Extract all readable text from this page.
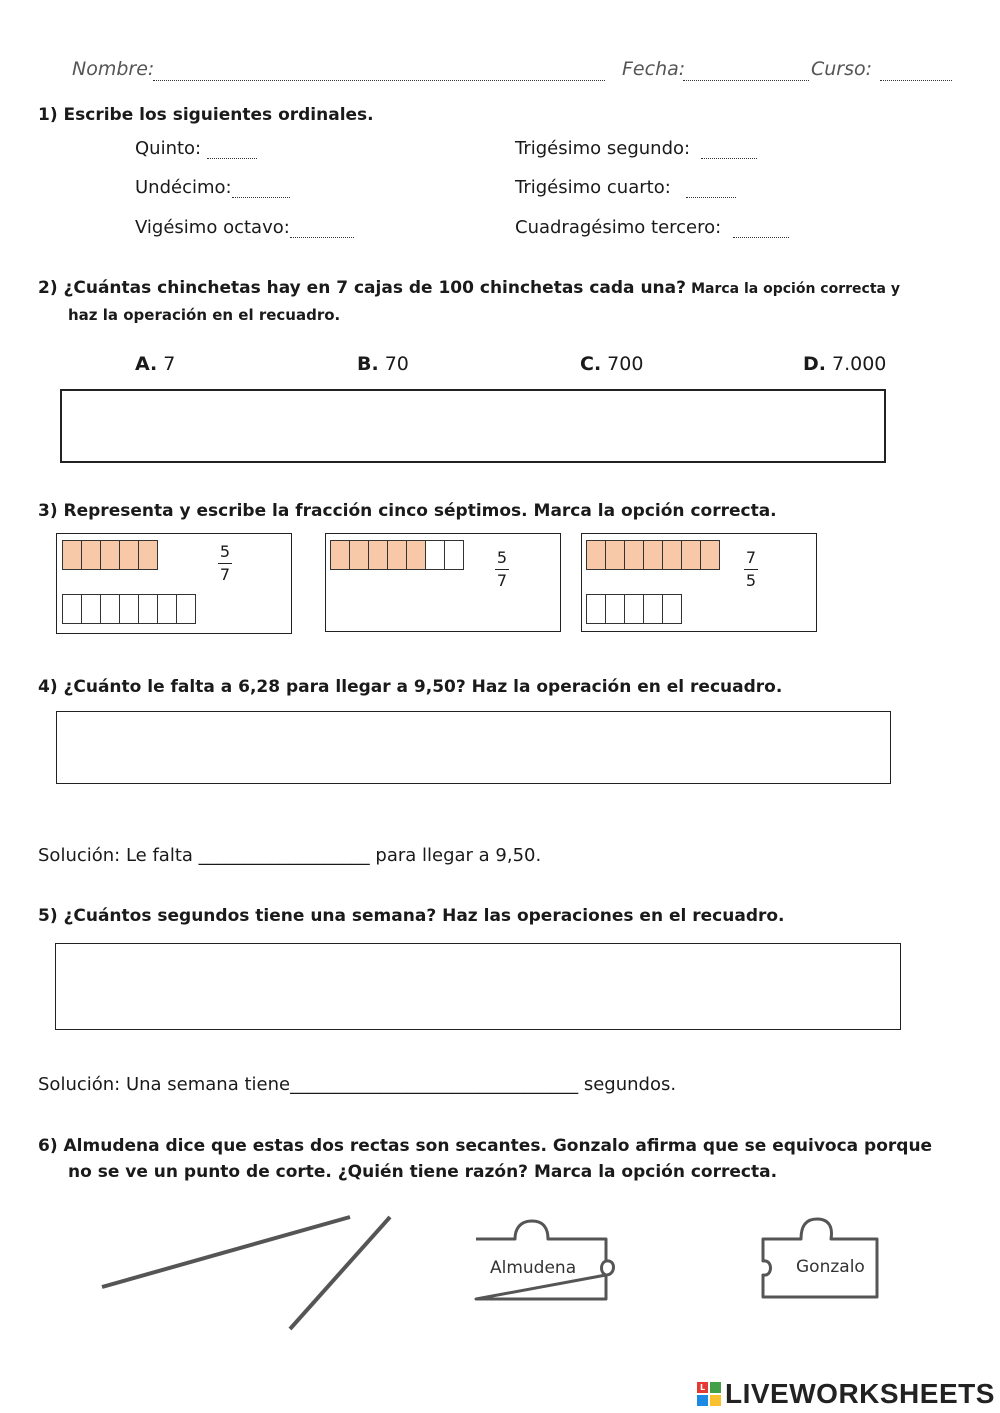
Nombre:	Fecha:	Curso:
1) Escribe los siguientes ordinales.
Quinto:
Undécimo:
Vigésimo octavo:
Trigésimo segundo:
Trigésimo cuarto:
Cuadragésimo tercero:
2) ¿Cuántas chinchetas hay en 7 cajas de 100 chinchetas cada una? Marca la opción correcta y
haz la operación en el recuadro.
A. 7	B. 70	C. 700	D. 7.000
3) Representa y escribe la fracción cinco séptimos. Marca la opción correcta.
5
7
5
7
7
5
4) ¿Cuánto le falta a 6,28 para llegar a 9,50? Haz la operación en el recuadro.
Solución: Le falta ___________________ para llegar a 9,50.
5) ¿Cuántos segundos tiene una semana? Haz las operaciones en el recuadro.
Solución: Una semana tiene________________________________ segundos.
6) Almudena dice que estas dos rectas son secantes. Gonzalo afirma que se equivoca porque
no se ve un punto de corte. ¿Quién tiene razón? Marca la opción correcta.
Almudena	Gonzalo
L LIVEWORKSHEETS
